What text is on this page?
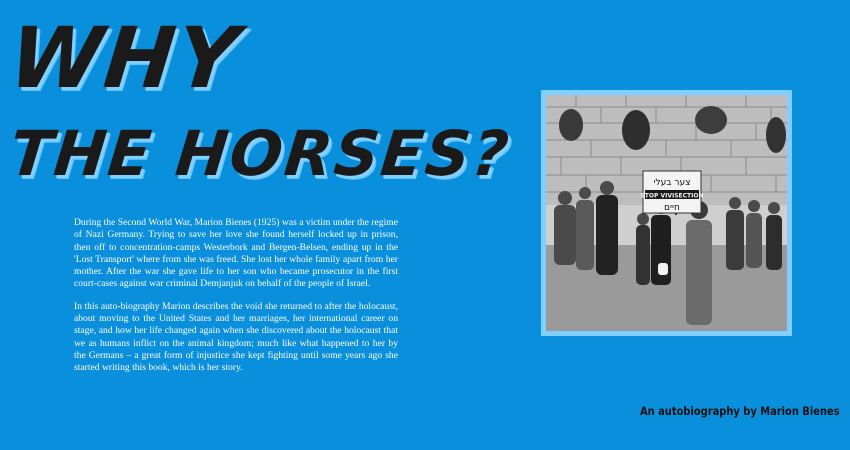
WHY
THE HORSES?

During the Second World War, Marion Bienes (1925) was a victim under the regime of Nazi Germany. Trying to save her love she found herself locked up in prison, then off to concentration-camps Westerbork and Bergen-Belsen, ending up in the 'Lost Transport' where from she was freed. She lost her whole family apart from her mother. After the war she gave life to her son who became prosecutor in the first court-cases against war criminal Demjanjuk on behalf of the people of Israel.

In this auto-biography Marion describes the void she returned to after the holocaust, about moving to the United States and her marriages, her international career on stage, and how her life changed again when she discovered about the holocaust that we as humans inflict on the animal kingdom; much like what happened to her by the Germans – a great form of injustice she kept fighting until some years ago she started writing this book, which is her story.

צער בעלי
STOP VIVISECTION
חיים
An autobiography by Marion Bienes
